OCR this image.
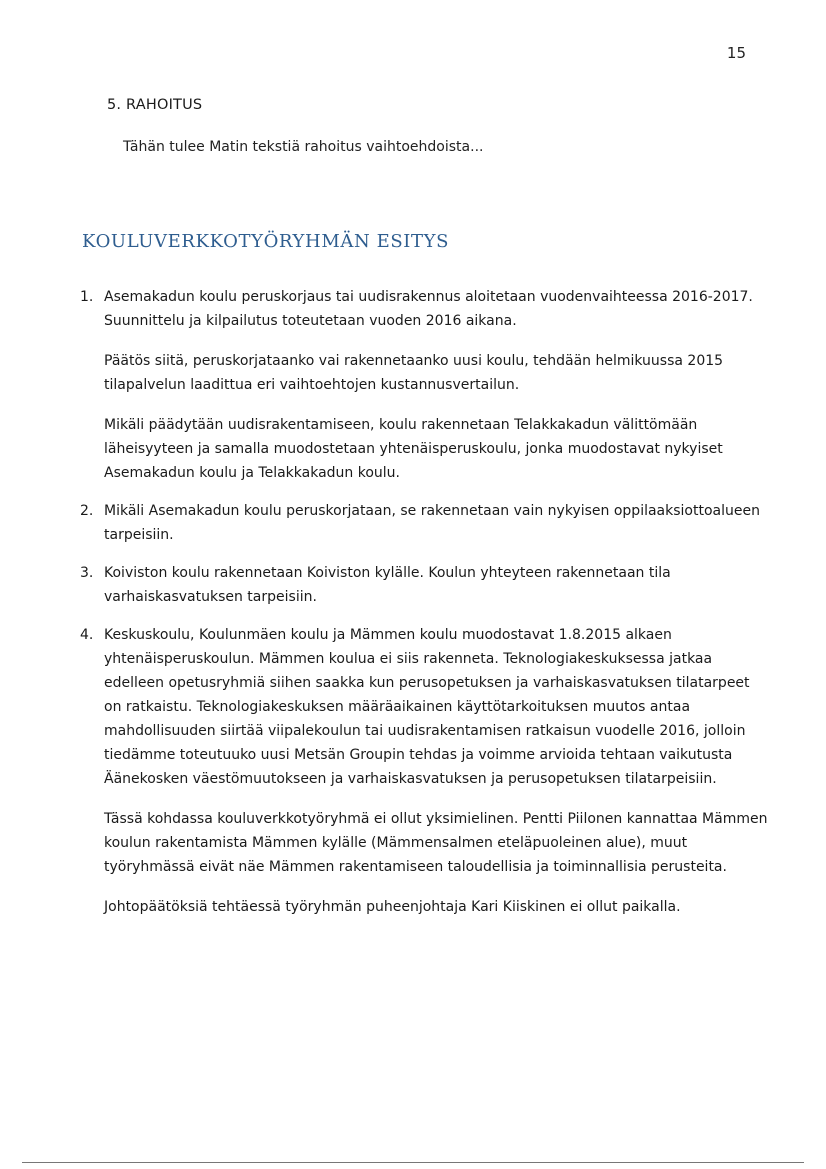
15
5. RAHOITUS
Tähän tulee Matin tekstiä rahoitus vaihtoehdoista...
KOULUVERKKOTYÖRYHMÄN ESITYS
1. Asemakadun koulu peruskorjaus tai uudisrakennus aloitetaan vuodenvaihteessa 2016-2017. Suunnittelu ja kilpailutus toteutetaan vuoden 2016 aikana.

Päätös siitä, peruskorjataanko vai rakennetaanko uusi koulu, tehdään helmikuussa 2015 tilapalvelun laadittua eri vaihtoehtojen kustannusvertailun.

Mikäli päädytään uudisrakentamiseen, koulu rakennetaan Telakkakadun välittömään läheisyyteen ja samalla muodostetaan yhtenäisperuskoulu, jonka muodostavat nykyiset Asemakadun koulu ja Telakkakadun koulu.

2. Mikäli Asemakadun koulu peruskorjataan, se rakennetaan vain nykyisen oppilaaksiottoalueen tarpeisiin.

3. Koiviston koulu rakennetaan Koiviston kylälle. Koulun yhteyteen rakennetaan tila varhaiskasvatuksen tarpeisiin.

4. Keskuskoulu, Koulunmäen koulu ja Mämmen koulu muodostavat 1.8.2015 alkaen yhtenäisperuskoulun. Mämmen koulua ei siis rakenneta. Teknologiakeskuksessa jatkaa edelleen opetusryhmiä siihen saakka kun perusopetuksen ja varhaiskasvatuksen tilatarpeet on ratkaistu. Teknologiakeskuksen määräaikainen käyttötarkoituksen muutos antaa mahdollisuuden siirtää viipalekoulun tai uudisrakentamisen ratkaisun vuodelle 2016, jolloin tiedämme toteutuuko uusi Metsän Groupin tehdas ja voimme arvioida tehtaan vaikutusta Äänekosken väestömuutokseen ja varhaiskasvatuksen ja perusopetuksen tilatarpeisiin.

Tässä kohdassa kouluverkkotyöryhmä ei ollut yksimielinen. Pentti Piilonen kannattaa Mämmen koulun rakentamista Mämmen kylälle (Mämmensalmen eteläpuoleinen alue), muut työryhmässä eivät näe Mämmen rakentamiseen taloudellisia ja toiminnallisia perusteita.

Johtopäätöksiä tehtäessä työryhmän puheenjohtaja Kari Kiiskinen ei ollut paikalla.
